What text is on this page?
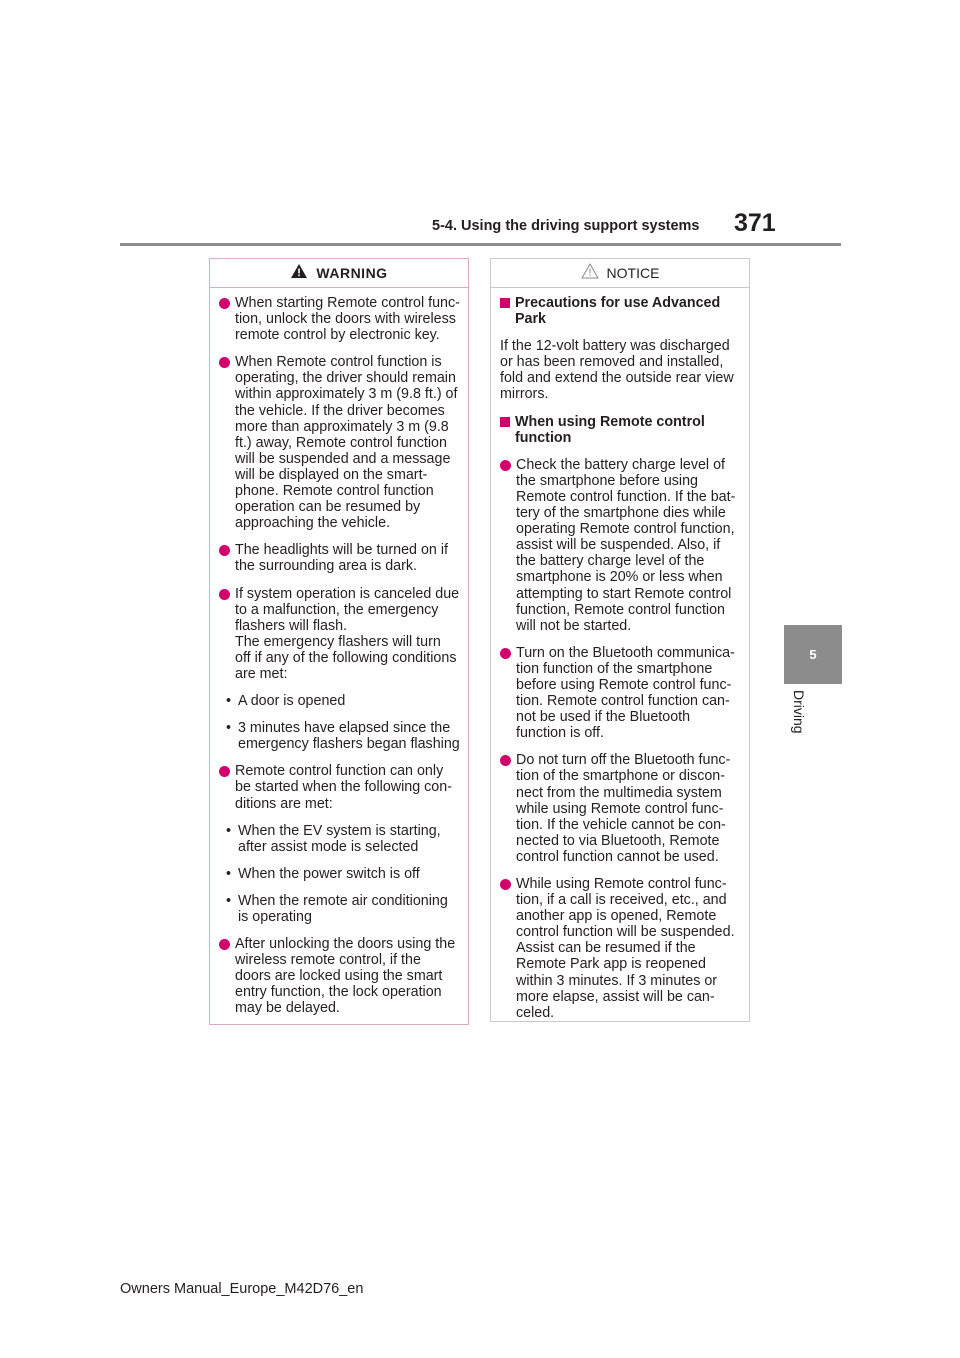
5-4. Using the driving support systems 371
5
Driving
WARNING
When starting Remote control func-tion, unlock the doors with wireless remote control by electronic key.
When Remote control function is operating, the driver should remain within approximately 3 m (9.8 ft.) of the vehicle. If the driver becomes more than approximately 3 m (9.8 ft.) away, Remote control function will be suspended and a message will be displayed on the smart-phone. Remote control function operation can be resumed by approaching the vehicle.
The headlights will be turned on if the surrounding area is dark.
If system operation is canceled due to a malfunction, the emergency flashers will flash.
The emergency flashers will turn off if any of the following conditions are met:
• A door is opened
• 3 minutes have elapsed since the emergency flashers began flashing
Remote control function can only be started when the following con-ditions are met:
• When the EV system is starting, after assist mode is selected
• When the power switch is off
• When the remote air conditioning is operating
After unlocking the doors using the wireless remote control, if the doors are locked using the smart entry function, the lock operation may be delayed.
NOTICE
Precautions for use Advanced Park
If the 12-volt battery was discharged or has been removed and installed, fold and extend the outside rear view mirrors.
When using Remote control function
Check the battery charge level of the smartphone before using Remote control function. If the bat-tery of the smartphone dies while operating Remote control function, assist will be suspended. Also, if the battery charge level of the smartphone is 20% or less when attempting to start Remote control function, Remote control function will not be started.
Turn on the Bluetooth communica-tion function of the smartphone before using Remote control func-tion. Remote control function can-not be used if the Bluetooth function is off.
Do not turn off the Bluetooth func-tion of the smartphone or discon-nect from the multimedia system while using Remote control func-tion. If the vehicle cannot be con-nected to via Bluetooth, Remote control function cannot be used.
While using Remote control func-tion, if a call is received, etc., and another app is opened, Remote control function will be suspended. Assist can be resumed if the Remote Park app is reopened within 3 minutes. If 3 minutes or more elapse, assist will be can-celed.
Owners Manual_Europe_M42D76_en
